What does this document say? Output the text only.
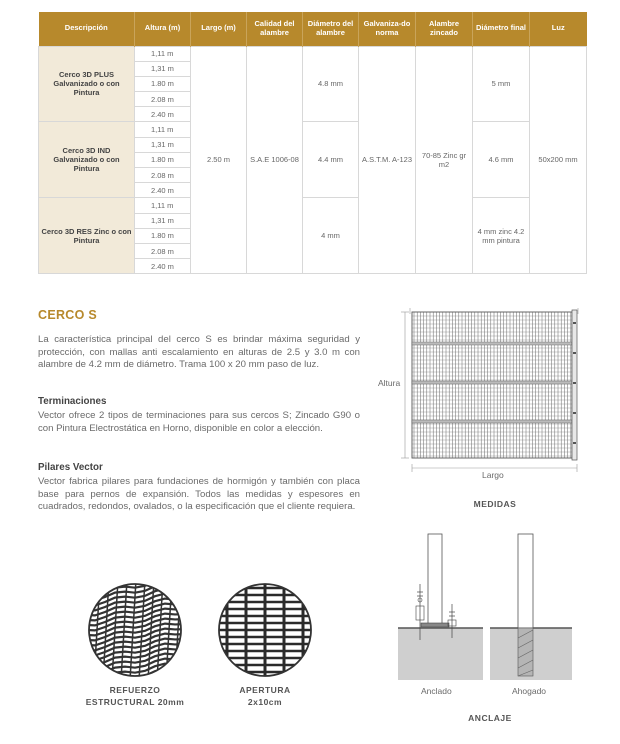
Descripción	Altura (m)	Largo (m)	Calidad del alambre	Diámetro del alambre	Galvaniza-do norma	Alambre zincado	Diámetro final	Luz
Cerco 3D PLUS Galvanizado o con Pintura	1,11 m	2.50 m	S.A.E 1006-08	4.8 mm	A.S.T.M. A-123	70-85 Zinc gr m2	5 mm	50x200 mm
	1,31 m							
	1.80 m							
	2.08 m							
	2.40 m							
Cerco 3D IND Galvanizado o con Pintura	1,11 m			4.4 mm			4.6 mm	
	1,31 m							
	1.80 m							
	2.08 m							
	2.40 m							
Cerco 3D RES Zinc o con Pintura	1,11 m			4 mm			4 mm zinc 4.2 mm pintura	
	1,31 m							
	1.80 m							
	2.08 m							
	2.40 m							
CERCO S
La característica principal del cerco S es brindar máxima seguridad y protección, con mallas anti escalamiento en alturas de 2.5 y 3.0 m con alambre de 4.2 mm de diámetro. Trama 100 x 20 mm paso de luz.
Terminaciones
Vector ofrece 2 tipos de terminaciones para sus cercos S; Zincado G90 o con Pintura Electrostática en Horno, disponible en color a elección.
Pilares Vector
Vector fabrica pilares para fundaciones de hormigón y también con placa base para pernos de expansión. Todos las medidas y espesores en cuadrados, redondos, ovalados, o la especificación que el cliente requiera.
Altura
Largo
MEDIDAS
Anclado	Ahogado
ANCLAJE
REFUERZO
ESTRUCTURAL 20mm
APERTURA
2x10cm
